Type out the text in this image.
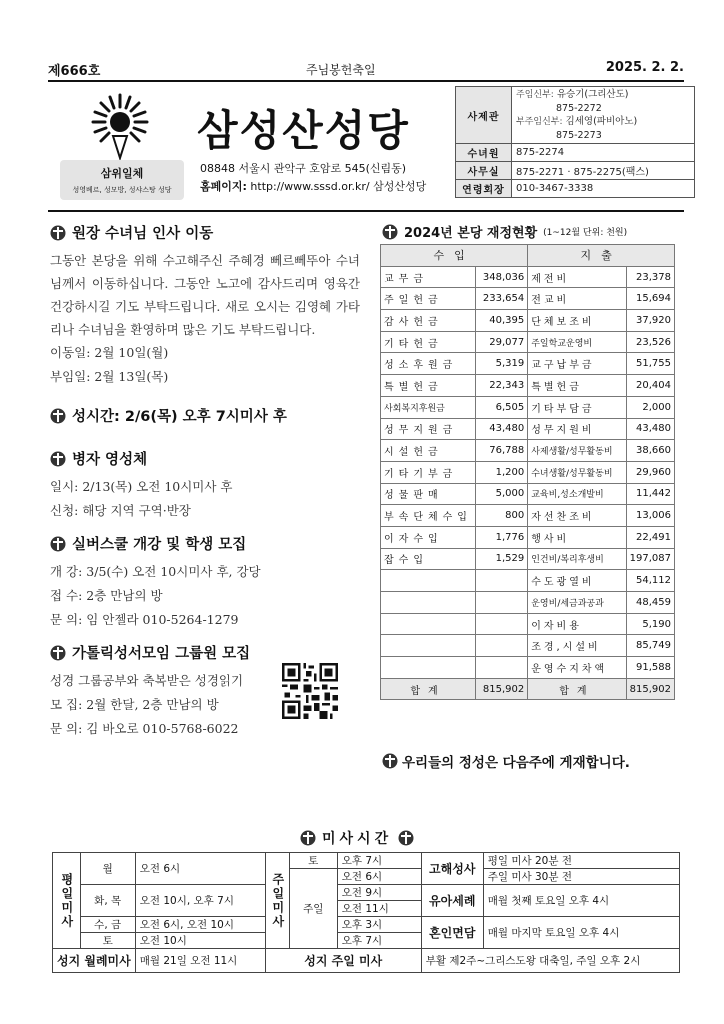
제666호	주님봉헌축일	2025. 2. 2.
삼성산성당
삼위일체
성영베르, 성모방, 성샤스탕 성당
08848 서울시 관악구 호암로 545(신림동)
홈페이지: http://www.sssd.or.kr/ 삼성산성당
사제관	주임신부: 유승기(그리산도)
875-2272
부주임신부: 김세영(파비아노)
875-2273

수녀원	875-2274
사무실	875-2271 · 875-2275(팩스)
연령회장	010-3467-3338
원장 수녀님 인사 이동
그동안 본당을 위해 수고해주신 주혜경 뻬르뻬뚜아 수녀님께서 이동하십니다. 그동안 노고에 감사드리며 영육간 건강하시길 기도 부탁드립니다. 새로 오시는 김영혜 가타리나 수녀님을 환영하며 많은 기도 부탁드립니다.
이동일: 2월 10일(월)
부임일: 2월 13일(목)
성시간: 2/6(목) 오후 7시미사 후
병자 영성체
일시: 2/13(목) 오전 10시미사 후
신청: 해당 지역 구역·반장
실버스쿨 개강 및 학생 모집
개 강: 3/5(수) 오전 10시미사 후, 강당
접 수: 2층 만남의 방
문 의: 임 안젤라 010-5264-1279
가톨릭성서모임 그룹원 모집
성경 그룹공부와 축복받은 성경읽기
모 집: 2월 한달, 2층 만남의 방
문 의: 김 바오로 010-5768-6022
2024년 본당 재정현황 (1~12월 단위: 천원)
수입		지출	
교무금	348,036	제전비	23,378
주일헌금	233,654	전교비	15,694
감사헌금	40,395	단체보조비	37,920
기타헌금	29,077	주일학교운영비	23,526
성소후원금	5,319	교구납부금	51,755
특별헌금	22,343	특별헌금	20,404
사회복지후원금	6,505	기타부담금	2,000
성무지원금	43,480	성무지원비	43,480
시설헌금	76,788	사제생활/성무활동비	38,660
기타기부금	1,200	수녀생활/성무활동비	29,960
성물판매	5,000	교육비,성소개발비	11,442
부속단체수입	800	자선찬조비	13,006
이자수입	1,776	행사비	22,491
잡수입	1,529	인건비/복리후생비	197,087
		수도광열비	54,112
		운영비/세금과공과	48,459
		이자비용	5,190
		조경,시설비	85,749
		운영수지차액	91,588
합계	815,902	합계	815,902
우리들의 정성은 다음주에 게재합니다.
미사시간
평일미사	월	오전 6시	주일미사	토	오후 7시	고해성사	평일 미사 20분 전
				주일	오전 6시		주일 미사 30분 전
	화, 목	오전 10시, 오후 7시			오전 9시	유아세례	매월 첫째 토요일 오후 4시
					오전 11시		
	수, 금	오전 6시, 오전 10시			오후 3시	혼인면담	매월 마지막 토요일 오후 4시
	토	오전 10시			오후 7시		
성지 월례미사		매월 21일 오전 11시	성지 주일 미사			부활 제2주~그리스도왕 대축일, 주일 오후 2시	
